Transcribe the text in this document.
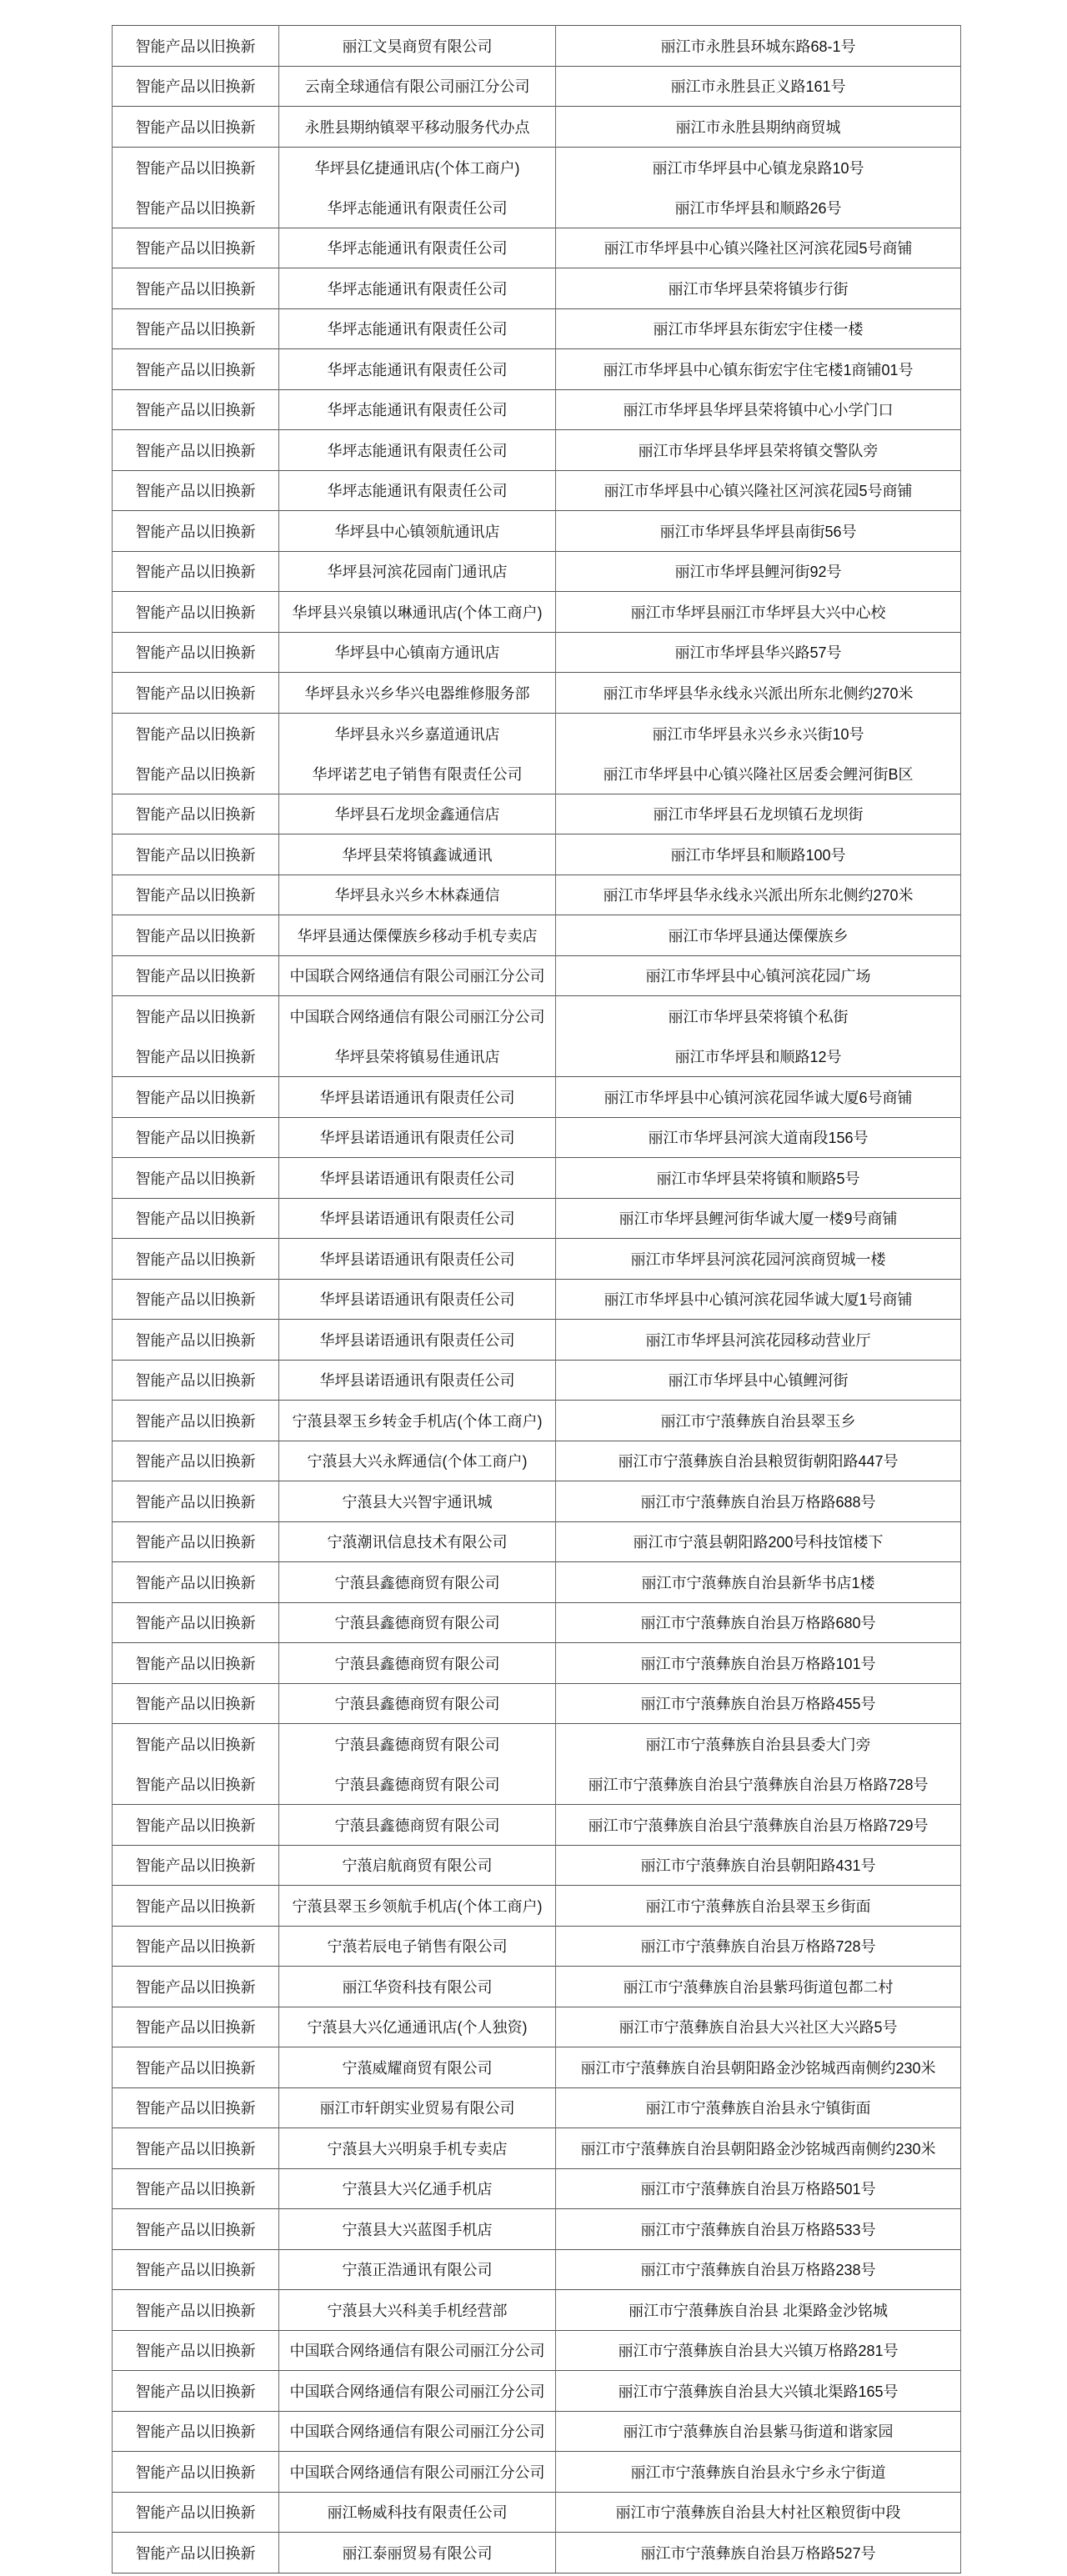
智能产品以旧换新	丽江文昊商贸有限公司	丽江市永胜县环城东路68-1号
智能产品以旧换新	云南全球通信有限公司丽江分公司	丽江市永胜县正义路161号
智能产品以旧换新	永胜县期纳镇翠平移动服务代办点	丽江市永胜县期纳商贸城
智能产品以旧换新	华坪县亿捷通讯店(个体工商户)	丽江市华坪县中心镇龙泉路10号
智能产品以旧换新	华坪志能通讯有限责任公司	丽江市华坪县和顺路26号
智能产品以旧换新	华坪志能通讯有限责任公司	丽江市华坪县中心镇兴隆社区河滨花园5号商铺
智能产品以旧换新	华坪志能通讯有限责任公司	丽江市华坪县荣将镇步行街
智能产品以旧换新	华坪志能通讯有限责任公司	丽江市华坪县东街宏宇住楼一楼
智能产品以旧换新	华坪志能通讯有限责任公司	丽江市华坪县中心镇东街宏宇住宅楼1商铺01号
智能产品以旧换新	华坪志能通讯有限责任公司	丽江市华坪县华坪县荣将镇中心小学门口
智能产品以旧换新	华坪志能通讯有限责任公司	丽江市华坪县华坪县荣将镇交警队旁
智能产品以旧换新	华坪志能通讯有限责任公司	丽江市华坪县中心镇兴隆社区河滨花园5号商铺
智能产品以旧换新	华坪县中心镇领航通讯店	丽江市华坪县华坪县南街56号
智能产品以旧换新	华坪县河滨花园南门通讯店	丽江市华坪县鲤河街92号
智能产品以旧换新	华坪县兴泉镇以琳通讯店(个体工商户)	丽江市华坪县丽江市华坪县大兴中心校
智能产品以旧换新	华坪县中心镇南方通讯店	丽江市华坪县华兴路57号
智能产品以旧换新	华坪县永兴乡华兴电器维修服务部	丽江市华坪县华永线永兴派出所东北侧约270米
智能产品以旧换新	华坪县永兴乡嘉道通讯店	丽江市华坪县永兴乡永兴街10号
智能产品以旧换新	华坪诺艺电子销售有限责任公司	丽江市华坪县中心镇兴隆社区居委会鲤河街B区
智能产品以旧换新	华坪县石龙坝金鑫通信店	丽江市华坪县石龙坝镇石龙坝街
智能产品以旧换新	华坪县荣将镇鑫诚通讯	丽江市华坪县和顺路100号
智能产品以旧换新	华坪县永兴乡木林森通信	丽江市华坪县华永线永兴派出所东北侧约270米
智能产品以旧换新	华坪县通达傈僳族乡移动手机专卖店	丽江市华坪县通达傈僳族乡
智能产品以旧换新	中国联合网络通信有限公司丽江分公司	丽江市华坪县中心镇河滨花园广场
智能产品以旧换新	中国联合网络通信有限公司丽江分公司	丽江市华坪县荣将镇个私街
智能产品以旧换新	华坪县荣将镇易佳通讯店	丽江市华坪县和顺路12号
智能产品以旧换新	华坪县诺语通讯有限责任公司	丽江市华坪县中心镇河滨花园华诚大厦6号商铺
智能产品以旧换新	华坪县诺语通讯有限责任公司	丽江市华坪县河滨大道南段156号
智能产品以旧换新	华坪县诺语通讯有限责任公司	丽江市华坪县荣将镇和顺路5号
智能产品以旧换新	华坪县诺语通讯有限责任公司	丽江市华坪县鲤河街华诚大厦一楼9号商铺
智能产品以旧换新	华坪县诺语通讯有限责任公司	丽江市华坪县河滨花园河滨商贸城一楼
智能产品以旧换新	华坪县诺语通讯有限责任公司	丽江市华坪县中心镇河滨花园华诚大厦1号商铺
智能产品以旧换新	华坪县诺语通讯有限责任公司	丽江市华坪县河滨花园移动营业厅
智能产品以旧换新	华坪县诺语通讯有限责任公司	丽江市华坪县中心镇鲤河街
智能产品以旧换新	宁蒗县翠玉乡转金手机店(个体工商户)	丽江市宁蒗彝族自治县翠玉乡
智能产品以旧换新	宁蒗县大兴永辉通信(个体工商户)	丽江市宁蒗彝族自治县粮贸街朝阳路447号
智能产品以旧换新	宁蒗县大兴智宇通讯城	丽江市宁蒗彝族自治县万格路688号
智能产品以旧换新	宁蒗潮讯信息技术有限公司	丽江市宁蒗县朝阳路200号科技馆楼下
智能产品以旧换新	宁蒗县鑫德商贸有限公司	丽江市宁蒗彝族自治县新华书店1楼
智能产品以旧换新	宁蒗县鑫德商贸有限公司	丽江市宁蒗彝族自治县万格路680号
智能产品以旧换新	宁蒗县鑫德商贸有限公司	丽江市宁蒗彝族自治县万格路101号
智能产品以旧换新	宁蒗县鑫德商贸有限公司	丽江市宁蒗彝族自治县万格路455号
智能产品以旧换新	宁蒗县鑫德商贸有限公司	丽江市宁蒗彝族自治县县委大门旁
智能产品以旧换新	宁蒗县鑫德商贸有限公司	丽江市宁蒗彝族自治县宁蒗彝族自治县万格路728号
智能产品以旧换新	宁蒗县鑫德商贸有限公司	丽江市宁蒗彝族自治县宁蒗彝族自治县万格路729号
智能产品以旧换新	宁蒗启航商贸有限公司	丽江市宁蒗彝族自治县朝阳路431号
智能产品以旧换新	宁蒗县翠玉乡领航手机店(个体工商户)	丽江市宁蒗彝族自治县翠玉乡街面
智能产品以旧换新	宁蒗若辰电子销售有限公司	丽江市宁蒗彝族自治县万格路728号
智能产品以旧换新	丽江华资科技有限公司	丽江市宁蒗彝族自治县紫玛街道包都二村
智能产品以旧换新	宁蒗县大兴亿通通讯店(个人独资)	丽江市宁蒗彝族自治县大兴社区大兴路5号
智能产品以旧换新	宁蒗威耀商贸有限公司	丽江市宁蒗彝族自治县朝阳路金沙铭城西南侧约230米
智能产品以旧换新	丽江市轩朗实业贸易有限公司	丽江市宁蒗彝族自治县永宁镇街面
智能产品以旧换新	宁蒗县大兴明泉手机专卖店	丽江市宁蒗彝族自治县朝阳路金沙铭城西南侧约230米
智能产品以旧换新	宁蒗县大兴亿通手机店	丽江市宁蒗彝族自治县万格路501号
智能产品以旧换新	宁蒗县大兴蓝图手机店	丽江市宁蒗彝族自治县万格路533号
智能产品以旧换新	宁蒗正浩通讯有限公司	丽江市宁蒗彝族自治县万格路238号
智能产品以旧换新	宁蒗县大兴科美手机经营部	丽江市宁蒗彝族自治县 北渠路金沙铭城
智能产品以旧换新	中国联合网络通信有限公司丽江分公司	丽江市宁蒗彝族自治县大兴镇万格路281号
智能产品以旧换新	中国联合网络通信有限公司丽江分公司	丽江市宁蒗彝族自治县大兴镇北渠路165号
智能产品以旧换新	中国联合网络通信有限公司丽江分公司	丽江市宁蒗彝族自治县紫马街道和谐家园
智能产品以旧换新	中国联合网络通信有限公司丽江分公司	丽江市宁蒗彝族自治县永宁乡永宁街道
智能产品以旧换新	丽江畅威科技有限责任公司	丽江市宁蒗彝族自治县大村社区粮贸街中段
智能产品以旧换新	丽江泰丽贸易有限公司	丽江市宁蒗彝族自治县万格路527号
